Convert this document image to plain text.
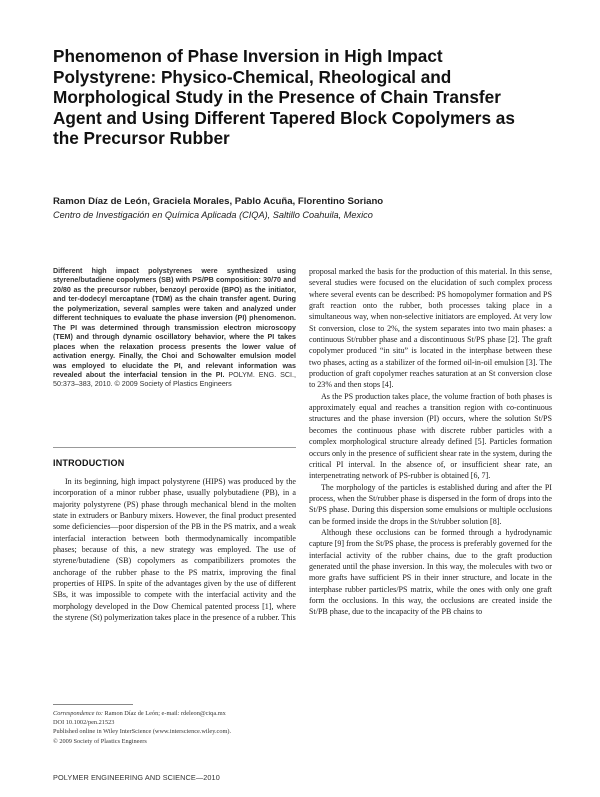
Phenomenon of Phase Inversion in High Impact Polystyrene: Physico-Chemical, Rheological and Morphological Study in the Presence of Chain Transfer Agent and Using Different Tapered Block Copolymers as the Precursor Rubber
Ramon Díaz de León, Graciela Morales, Pablo Acuña, Florentino Soriano
Centro de Investigación en Química Aplicada (CIQA), Saltillo Coahuila, Mexico
Different high impact polystyrenes were synthesized using styrene/butadiene copolymers (SB) with PS/PB composition: 30/70 and 20/80 as the precursor rubber, benzoyl peroxide (BPO) as the initiator, and ter-dodecyl mercaptane (TDM) as the chain transfer agent. During the polymerization, several samples were taken and analyzed under different techniques to evaluate the phase inversion (PI) phenomenon. The PI was determined through transmission electron microscopy (TEM) and through dynamic oscillatory behavior, where the PI takes places when the relaxation process presents the lower value of activation energy. Finally, the Choi and Schowalter emulsion model was employed to elucidate the PI, and relevant information was revealed about the interfacial tension in the PI. POLYM. ENG. SCI., 50:373–383, 2010. © 2009 Society of Plastics Engineers
INTRODUCTION

In its beginning, high impact polystyrene (HIPS) was produced by the incorporation of a minor rubber phase, usually polybutadiene (PB), in a majority polystyrene (PS) phase through mechanical blend in the molten state in extruders or Banbury mixers. However, the final product presented some deficiencies—poor dispersion of the PB in the PS matrix, and a weak interfacial interaction between both thermodynamically incompatible phases; because of this, a new strategy was employed. The use of styrene/butadiene (SB) copolymers as compatibilizers promotes the anchorage of the rubber phase to the PS matrix, improving the final properties of HIPS. In spite of the advantages given by the use of different SBs, it was impossible to compete with the interfacial activity and the morphology developed in the Dow Chemical patented process [1], where the styrene (St) polymerization takes place in the presence of a rubber. This

proposal marked the basis for the production of this material. In this sense, several studies were focused on the elucidation of such complex process where several events can be described: PS homopolymer formation and PS graft reaction onto the rubber, both processes taking place in a simultaneous way, when non-selective initiators are employed. At very low St conversion, close to 2%, the system separates into two main phases: a continuous St/rubber phase and a discontinuous St/PS phase [2]. The graft copolymer produced “in situ” is located in the interphase between these two phases, acting as a stabilizer of the formed oil-in-oil emulsion [3]. The production of graft copolymer reaches saturation at an St conversion close to 23% and then stops [4].

As the PS production takes place, the volume fraction of both phases is approximately equal and reaches a transition region with co-continuous structures and the phase inversion (PI) occurs, where the solution St/PS becomes the continuous phase with discrete rubber particles with a complex morphological structure already defined [5]. Particles formation occurs only in the presence of sufficient shear rate in the system, during the critical PI interval. In the absence of, or insufficient shear rate, an interpenetrating network of PS-rubber is obtained [6, 7].

The morphology of the particles is established during and after the PI process, when the St/rubber phase is dispersed in the form of drops into the St/PS phase. During this dispersion some emulsions or multiple occlusions can be formed inside the drops in the St/rubber solution [8].

Although these occlusions can be formed through a hydrodynamic capture [9] from the St/PS phase, the process is preferably governed for the interfacial activity of the rubber chains, due to the graft production generated until the phase inversion. In this way, the molecules with two or more grafts have sufficient PS in their inner structure, and locate in the interphase rubber particles/PS matrix, while the ones with only one graft form the occlusions. In this way, the occlusions are created inside the St/PB phase, due to the incapacity of the PB chains to

Correspondence to: Ramon Díaz de León; e-mail: rdeleon@ciqa.mx
DOI 10.1002/pen.21523
Published online in Wiley InterScience (www.interscience.wiley.com).
© 2009 Society of Plastics Engineers
POLYMER ENGINEERING AND SCIENCE—2010
